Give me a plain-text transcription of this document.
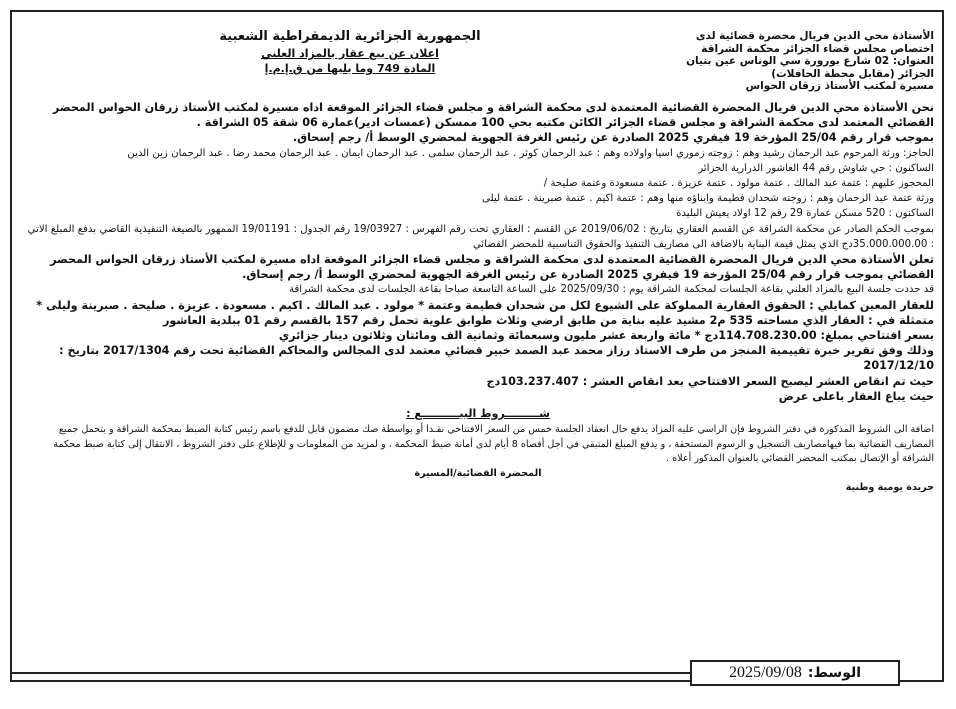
الأستاذة محي الدين فريال محضرة قضائية لدى
اختصاص مجلس قضاء الجزائر محكمة الشراقة
العنوان: 02 شارع بورورة سي الوناس عين بنيان
الجزائر (مقابل محطة الحافلات)
مسيرة لمكتب الأستاذ زرقان الحواس
الجمهورية الجزائرية الديمقراطية الشعبية
اعلان عن بيع عقار بالمزاد العلني
المادة 749 وما يليها من ق.إ.م.إ

نحن الأستاذة محي الدين فريال المحضرة القضائية المعتمدة لدى محكمة الشراقة و مجلس قضاء الجزائر الموقعة اداه مسيرة لمكتب الأستاذ زرقان الحواس المحضر القضائي المعتمد لدى محكمة الشراقة و مجلس قضاء الجزائر الكائن مكتبه بحي 100 ممسكن (عمسات ادير)عمارة 06 شقة 05 الشراقة .

بموجب قرار رقم 25/04 المؤرخة 19 فيفري 2025 الصادرة عن رئيس الغرفة الجهوية لمحضري الوسط أ/ رجم إسحاق.

الحاجز: ورثة المرحوم عبد الرحمان رشيد وهم : زوجته زموري اسيا واولاده وهم : عبد الرحمان كوثر . عبد الرحمان سلمى . عبد الرحمان ايمان . عبد الرحمان محمد رضا . عبد الرحمان زين الدين

الساكنون : حي شاوش رقم 44 العاشور الدرارية الجزائر

المحجوز عليهم : عتمة عبد المالك . عتمة مولود . عتمة عزيزة . عتمة مسعودة وعتمة صليحة /

ورثة عتمة عبد الرحمان وهم : زوجته شحدان فطيمة وابناؤه منها وهم : عتمة اكيم . عتمة صبرينة . عتمة ليلى

الساكنون : 520 مسكن عمارة 29 رقم 12 اولاد يعيش البليدة

بموجب الحكم الصادر عن محكمة الشراقة عن القسم العقاري بتاريخ : 2019/06/02 عن القسم : العقاري تحت رقم الفهرس : 19/03927 رقم الجدول : 19/01191 الممهور بالصيغة التنفيذية القاضي بدفع المبلغ الاتي : 35.000.000.00دج الذي يمثل قيمة البناية بالاضافة الى مصاريف التنفيذ والحقوق التناسبية للمحضر القضائي

تعلن الأستاذة محي الدين فريال المحضرة القضائية المعتمدة لدى محكمة الشراقة و مجلس قضاء الجزائر الموقعة اداه مسيرة لمكتب الأستاذ زرقان الحواس المحضر القضائي بموجب قرار رقم 25/04 المؤرخة 19 فيفري 2025 الصادرة عن رئيس الغرفة الجهوية لمحضري الوسط أ/ رجم إسحاق.

قد حددت جلسة البيع بالمزاد العلني بقاعة الجلسات لمحكمة الشراقة يوم : 2025/09/30 على الساعة التاسعة صباحا بقاعة الجلسات لدى محكمة الشراقة

للعقار المعين كمايلي : الحقوق العقارية المملوكة على الشيوع لكل من شحدان فطيمة وعتمة * مولود . عبد المالك . اكيم . مسعودة . عزيزة . صليحة . صبرينة وليلى * متمثلة في : العقار الذي مساحته 535 م2 مشيد عليه بناية من طابق ارضي وثلاث طوابق علوية تحمل رقم 157 بالقسم رقم 01 ببلدية العاشور

بسعر افتتاحي بمبلغ: 114.708.230.00دج * مائة واربعة عشر مليون وسبعمائة وثمانية الف ومائتان وثلاثون دينار جزائري

وذلك وفق تقرير خبرة تقييمية المنجز من طرف الاستاذ رزاز محمد عبد الصمد خبير قضائي معتمد لدى المجالس والمحاكم القضائية تحت رقم 2017/1304 بتاريخ : 2017/12/10

حيث تم انقاص العشر ليصبح السعر الافتتاحي بعد انقاص العشر : 103.237.407دج

حيث يباع العقار باعلى عرض

شـــــــــروط البيــــــــــع :

اضافة الى الشروط المذكورة في دفتر الشروط فإن الراسي عليه المزاد يدفع حال انعقاد الجلسة خمس من السعر الافتتاحي نقـدا أو بواسطة صك مضمون قابل للدفع باسم رئيس كتابة الضبط بمحكمة الشراقة و يتحمل جميع المصاريف القضائية بما فيهامصاريف التسجيل و الرسوم المستحقة ، و يدفع المبلغ المتبقي في أجل أقصاه 8 أيام لدى أمانة ضبط المحكمة ، و لمزيد من المعلومات و للإطلاع على دفتر الشروط ، الانتقال إلى كتابة ضبط محكمة الشراقة أو الإتصال بمكتب المحضر القضائي بالعنوان المذكور أعلاه .

المحضرة القضائية/المسيرة
جريدة يومية وطنية
الوسط:
2025/09/08
